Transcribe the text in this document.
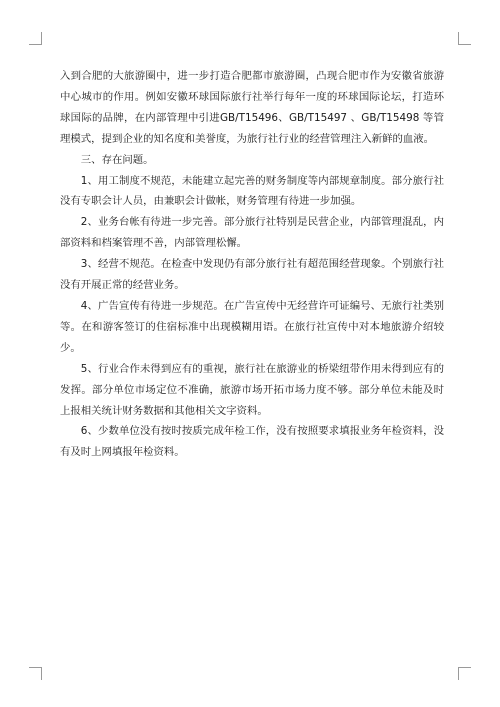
入到合肥的大旅游圈中，进一步打造合肥都市旅游圈，凸现合肥市作为安徽省旅游中心城市的作用。例如安徽环球国际旅行社举行每年一度的环球国际论坛，打造环球国际的品牌，在内部管理中引进GB/T15496、GB/T15497 、GB/T15498 等管理模式，提到企业的知名度和美誉度，为旅行社行业的经营管理注入新鲜的血液。

三、存在问题。

1、用工制度不规范，未能建立起完善的财务制度等内部规章制度。部分旅行社没有专职会计人员，由兼职会计做帐，财务管理有待进一步加强。

2、业务台帐有待进一步完善。部分旅行社特别是民营企业，内部管理混乱，内部资料和档案管理不善，内部管理松懈。

3、经营不规范。在检查中发现仍有部分旅行社有超范围经营现象。个别旅行社没有开展正常的经营业务。

4、广告宣传有待进一步规范。在广告宣传中无经营许可证编号、无旅行社类别等。在和游客签订的住宿标准中出现模糊用语。在旅行社宣传中对本地旅游介绍较少。

5、行业合作未得到应有的重视，旅行社在旅游业的桥梁纽带作用未得到应有的发挥。部分单位市场定位不准确，旅游市场开拓市场力度不够。部分单位未能及时上报相关统计财务数据和其他相关文字资料。

6、少数单位没有按时按质完成年检工作，没有按照要求填报业务年检资料，没有及时上网填报年检资料。
